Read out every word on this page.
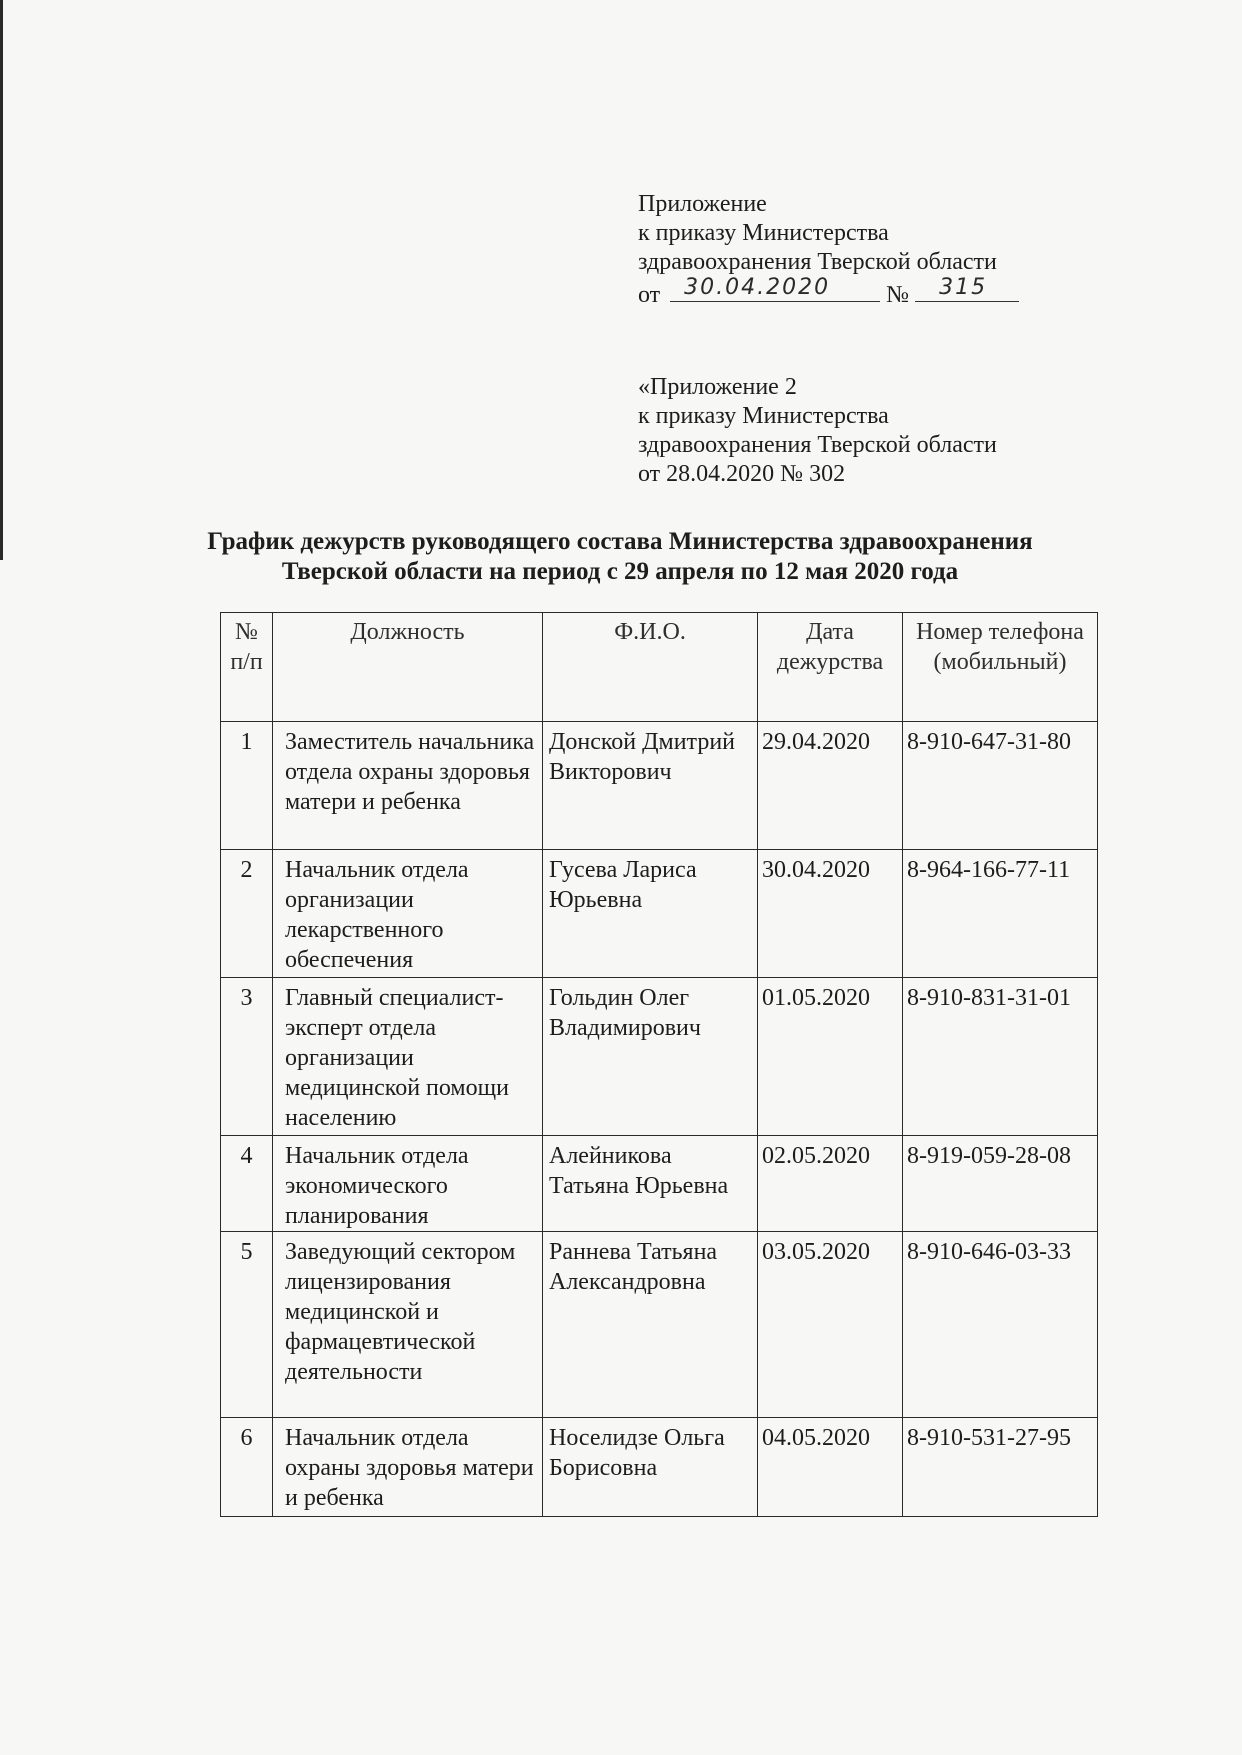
Приложение
к приказу Министерства
здравоохранения Тверской области
от 30.04.2020 № 315
«Приложение 2
к приказу Министерства
здравоохранения Тверской области
от 28.04.2020 № 302
График дежурств руководящего состава Министерства здравоохранения
Тверской области на период с 29 апреля по 12 мая 2020 года
№ п/п	Должность	Ф.И.О.	Дата дежурства	Номер телефона (мобильный)
1	Заместитель начальника отдела охраны здоровья матери и ребенка	Донской Дмитрий Викторович	29.04.2020	8-910-647-31-80
2	Начальник отдела организации лекарственного обеспечения	Гусева Лариса Юрьевна	30.04.2020	8-964-166-77-11
3	Главный специалист-эксперт отдела организации медицинской помощи населению	Гольдин Олег Владимирович	01.05.2020	8-910-831-31-01
4	Начальник отдела экономического планирования	Алейникова Татьяна Юрьевна	02.05.2020	8-919-059-28-08
5	Заведующий сектором лицензирования медицинской и фармацевтической деятельности	Раннева Татьяна Александровна	03.05.2020	8-910-646-03-33
6	Начальник отдела охраны здоровья матери и ребенка	Носелидзе Ольга Борисовна	04.05.2020	8-910-531-27-95
